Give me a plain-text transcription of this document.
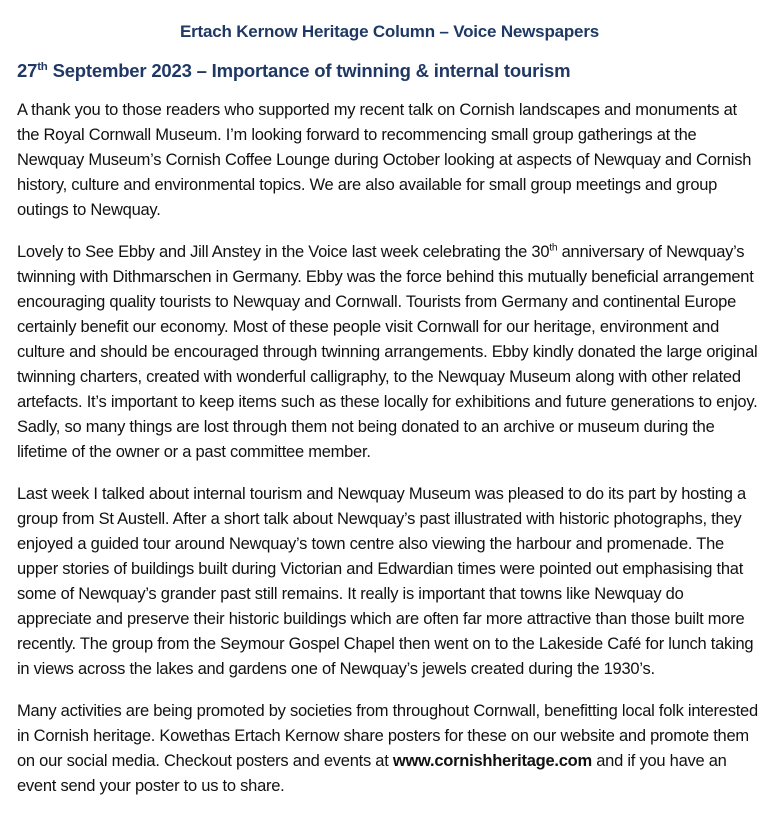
Ertach Kernow Heritage Column – Voice Newspapers
27th September 2023 – Importance of twinning & internal tourism

A thank you to those readers who supported my recent talk on Cornish landscapes and monuments at the Royal Cornwall Museum. I’m looking forward to recommencing small group gatherings at the Newquay Museum’s Cornish Coffee Lounge during October looking at aspects of Newquay and Cornish history, culture and environmental topics. We are also available for small group meetings and group outings to Newquay.

Lovely to See Ebby and Jill Anstey in the Voice last week celebrating the 30th anniversary of Newquay’s twinning with Dithmarschen in Germany. Ebby was the force behind this mutually beneficial arrangement encouraging quality tourists to Newquay and Cornwall. Tourists from Germany and continental Europe certainly benefit our economy. Most of these people visit Cornwall for our heritage, environment and culture and should be encouraged through twinning arrangements. Ebby kindly donated the large original twinning charters, created with wonderful calligraphy, to the Newquay Museum along with other related artefacts. It’s important to keep items such as these locally for exhibitions and future generations to enjoy. Sadly, so many things are lost through them not being donated to an archive or museum during the lifetime of the owner or a past committee member.

Last week I talked about internal tourism and Newquay Museum was pleased to do its part by hosting a group from St Austell. After a short talk about Newquay’s past illustrated with historic photographs, they enjoyed a guided tour around Newquay’s town centre also viewing the harbour and promenade. The upper stories of buildings built during Victorian and Edwardian times were pointed out emphasising that some of Newquay’s grander past still remains. It really is important that towns like Newquay do appreciate and preserve their historic buildings which are often far more attractive than those built more recently. The group from the Seymour Gospel Chapel then went on to the Lakeside Café for lunch taking in views across the lakes and gardens one of Newquay’s jewels created during the 1930’s.

Many activities are being promoted by societies from throughout Cornwall, benefitting local folk interested in Cornish heritage. Kowethas Ertach Kernow share posters for these on our website and promote them on our social media. Checkout posters and events at www.cornishheritage.com and if you have an event send your poster to us to share.
